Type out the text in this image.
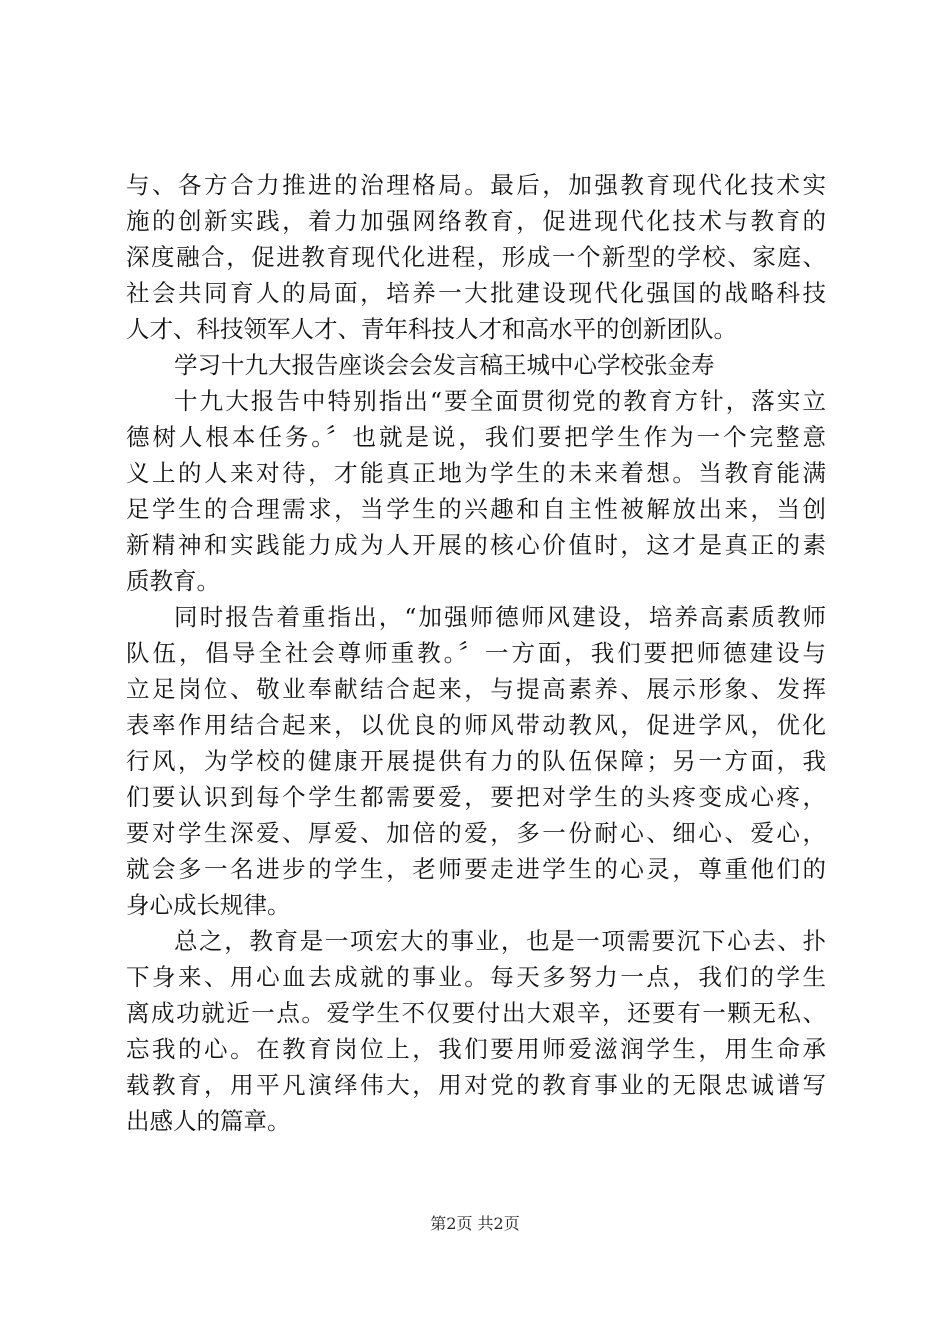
与、各方合力推进的治理格局。最后，加强教育现代化技术实
施的创新实践，着力加强网络教育，促进现代化技术与教育的
深度融合，促进教育现代化进程，形成一个新型的学校、家庭、
社会共同育人的局面，培养一大批建设现代化强国的战略科技
人才、科技领军人才、青年科技人才和高水平的创新团队。
学习十九大报告座谈会会发言稿王城中心学校张金寿
十九大报告中特别指出“要全面贯彻党的教育方针，落实立
德树人根本任务。〞也就是说，我们要把学生作为一个完整意
义上的人来对待，才能真正地为学生的未来着想。当教育能满
足学生的合理需求，当学生的兴趣和自主性被解放出来，当创
新精神和实践能力成为人开展的核心价值时，这才是真正的素
质教育。
同时报告着重指出，“加强师德师风建设，培养高素质教师
队伍，倡导全社会尊师重教。〞一方面，我们要把师德建设与
立足岗位、敬业奉献结合起来，与提高素养、展示形象、发挥
表率作用结合起来，以优良的师风带动教风，促进学风，优化
行风，为学校的健康开展提供有力的队伍保障；另一方面，我
们要认识到每个学生都需要爱，要把对学生的头疼变成心疼，
要对学生深爱、厚爱、加倍的爱，多一份耐心、细心、爱心，
就会多一名进步的学生，老师要走进学生的心灵，尊重他们的
身心成长规律。
总之，教育是一项宏大的事业，也是一项需要沉下心去、扑
下身来、用心血去成就的事业。每天多努力一点，我们的学生
离成功就近一点。爱学生不仅要付出大艰辛，还要有一颗无私、
忘我的心。在教育岗位上，我们要用师爱滋润学生，用生命承
载教育，用平凡演绎伟大，用对党的教育事业的无限忠诚谱写
出感人的篇章。
第2页 共2页
